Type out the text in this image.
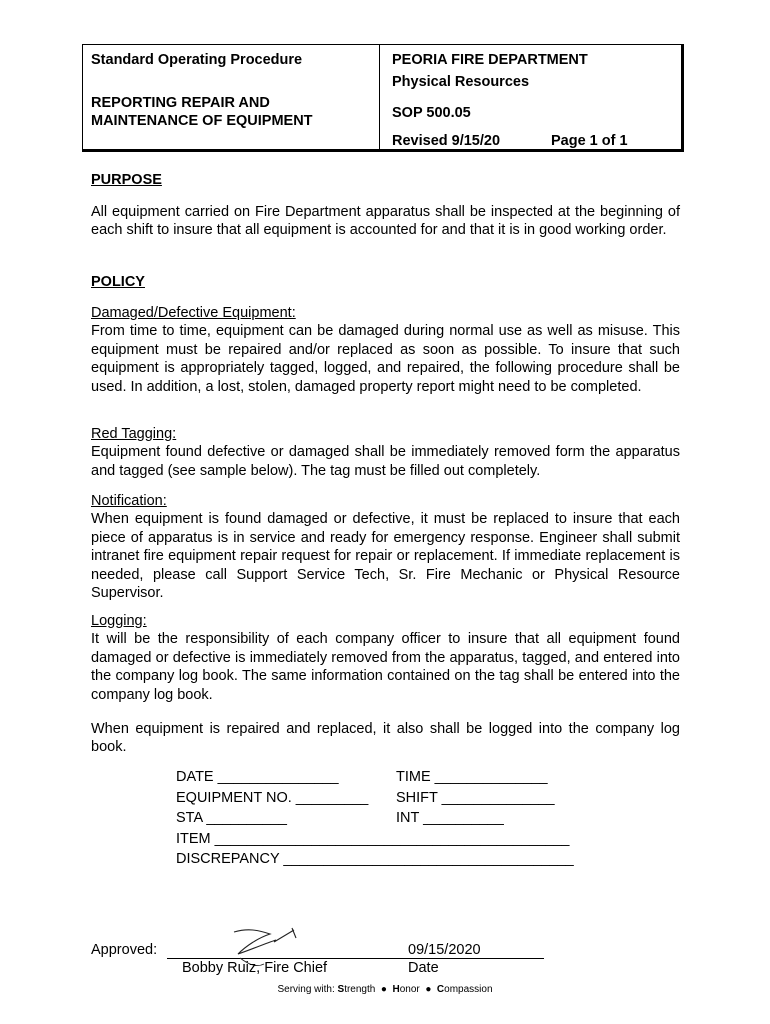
Standard Operating Procedure
REPORTING REPAIR AND
MAINTENANCE OF EQUIPMENT
PEORIA FIRE DEPARTMENT
Physical Resources
SOP 500.05
Revised 9/15/20	Page 1 of 1
PURPOSE

All equipment carried on Fire Department apparatus shall be inspected at the beginning of each shift to insure that all equipment is accounted for and that it is in good working order.

POLICY
Damaged/Defective Equipment:
From time to time, equipment can be damaged during normal use as well as misuse. This equipment must be repaired and/or replaced as soon as possible. To insure that such equipment is appropriately tagged, logged, and repaired, the following procedure shall be used. In addition, a lost, stolen, damaged property report might need to be completed.
Red Tagging:
Equipment found defective or damaged shall be immediately removed form the apparatus and tagged (see sample below). The tag must be filled out completely.
Notification:
When equipment is found damaged or defective, it must be replaced to insure that each piece of apparatus is in service and ready for emergency response. Engineer shall submit intranet fire equipment repair request for repair or replacement. If immediate replacement is needed, please call Support Service Tech, Sr. Fire Mechanic or Physical Resource Supervisor.
Logging:
It will be the responsibility of each company officer to insure that all equipment found damaged or defective is immediately removed from the apparatus, tagged, and entered into the company log book. The same information contained on the tag shall be entered into the company log book.

When equipment is repaired and replaced, it also shall be logged into the company log book.

DATE _______________
EQUIPMENT NO. _________
STA __________
ITEM ____________________________________________
DISCREPANCY ____________________________________
TIME ______________
SHIFT ______________
INT __________
Approved:
Bobby Ruiz, Fire Chief
09/15/2020
Date
Serving with: Strength ● Honor ● Compassion
